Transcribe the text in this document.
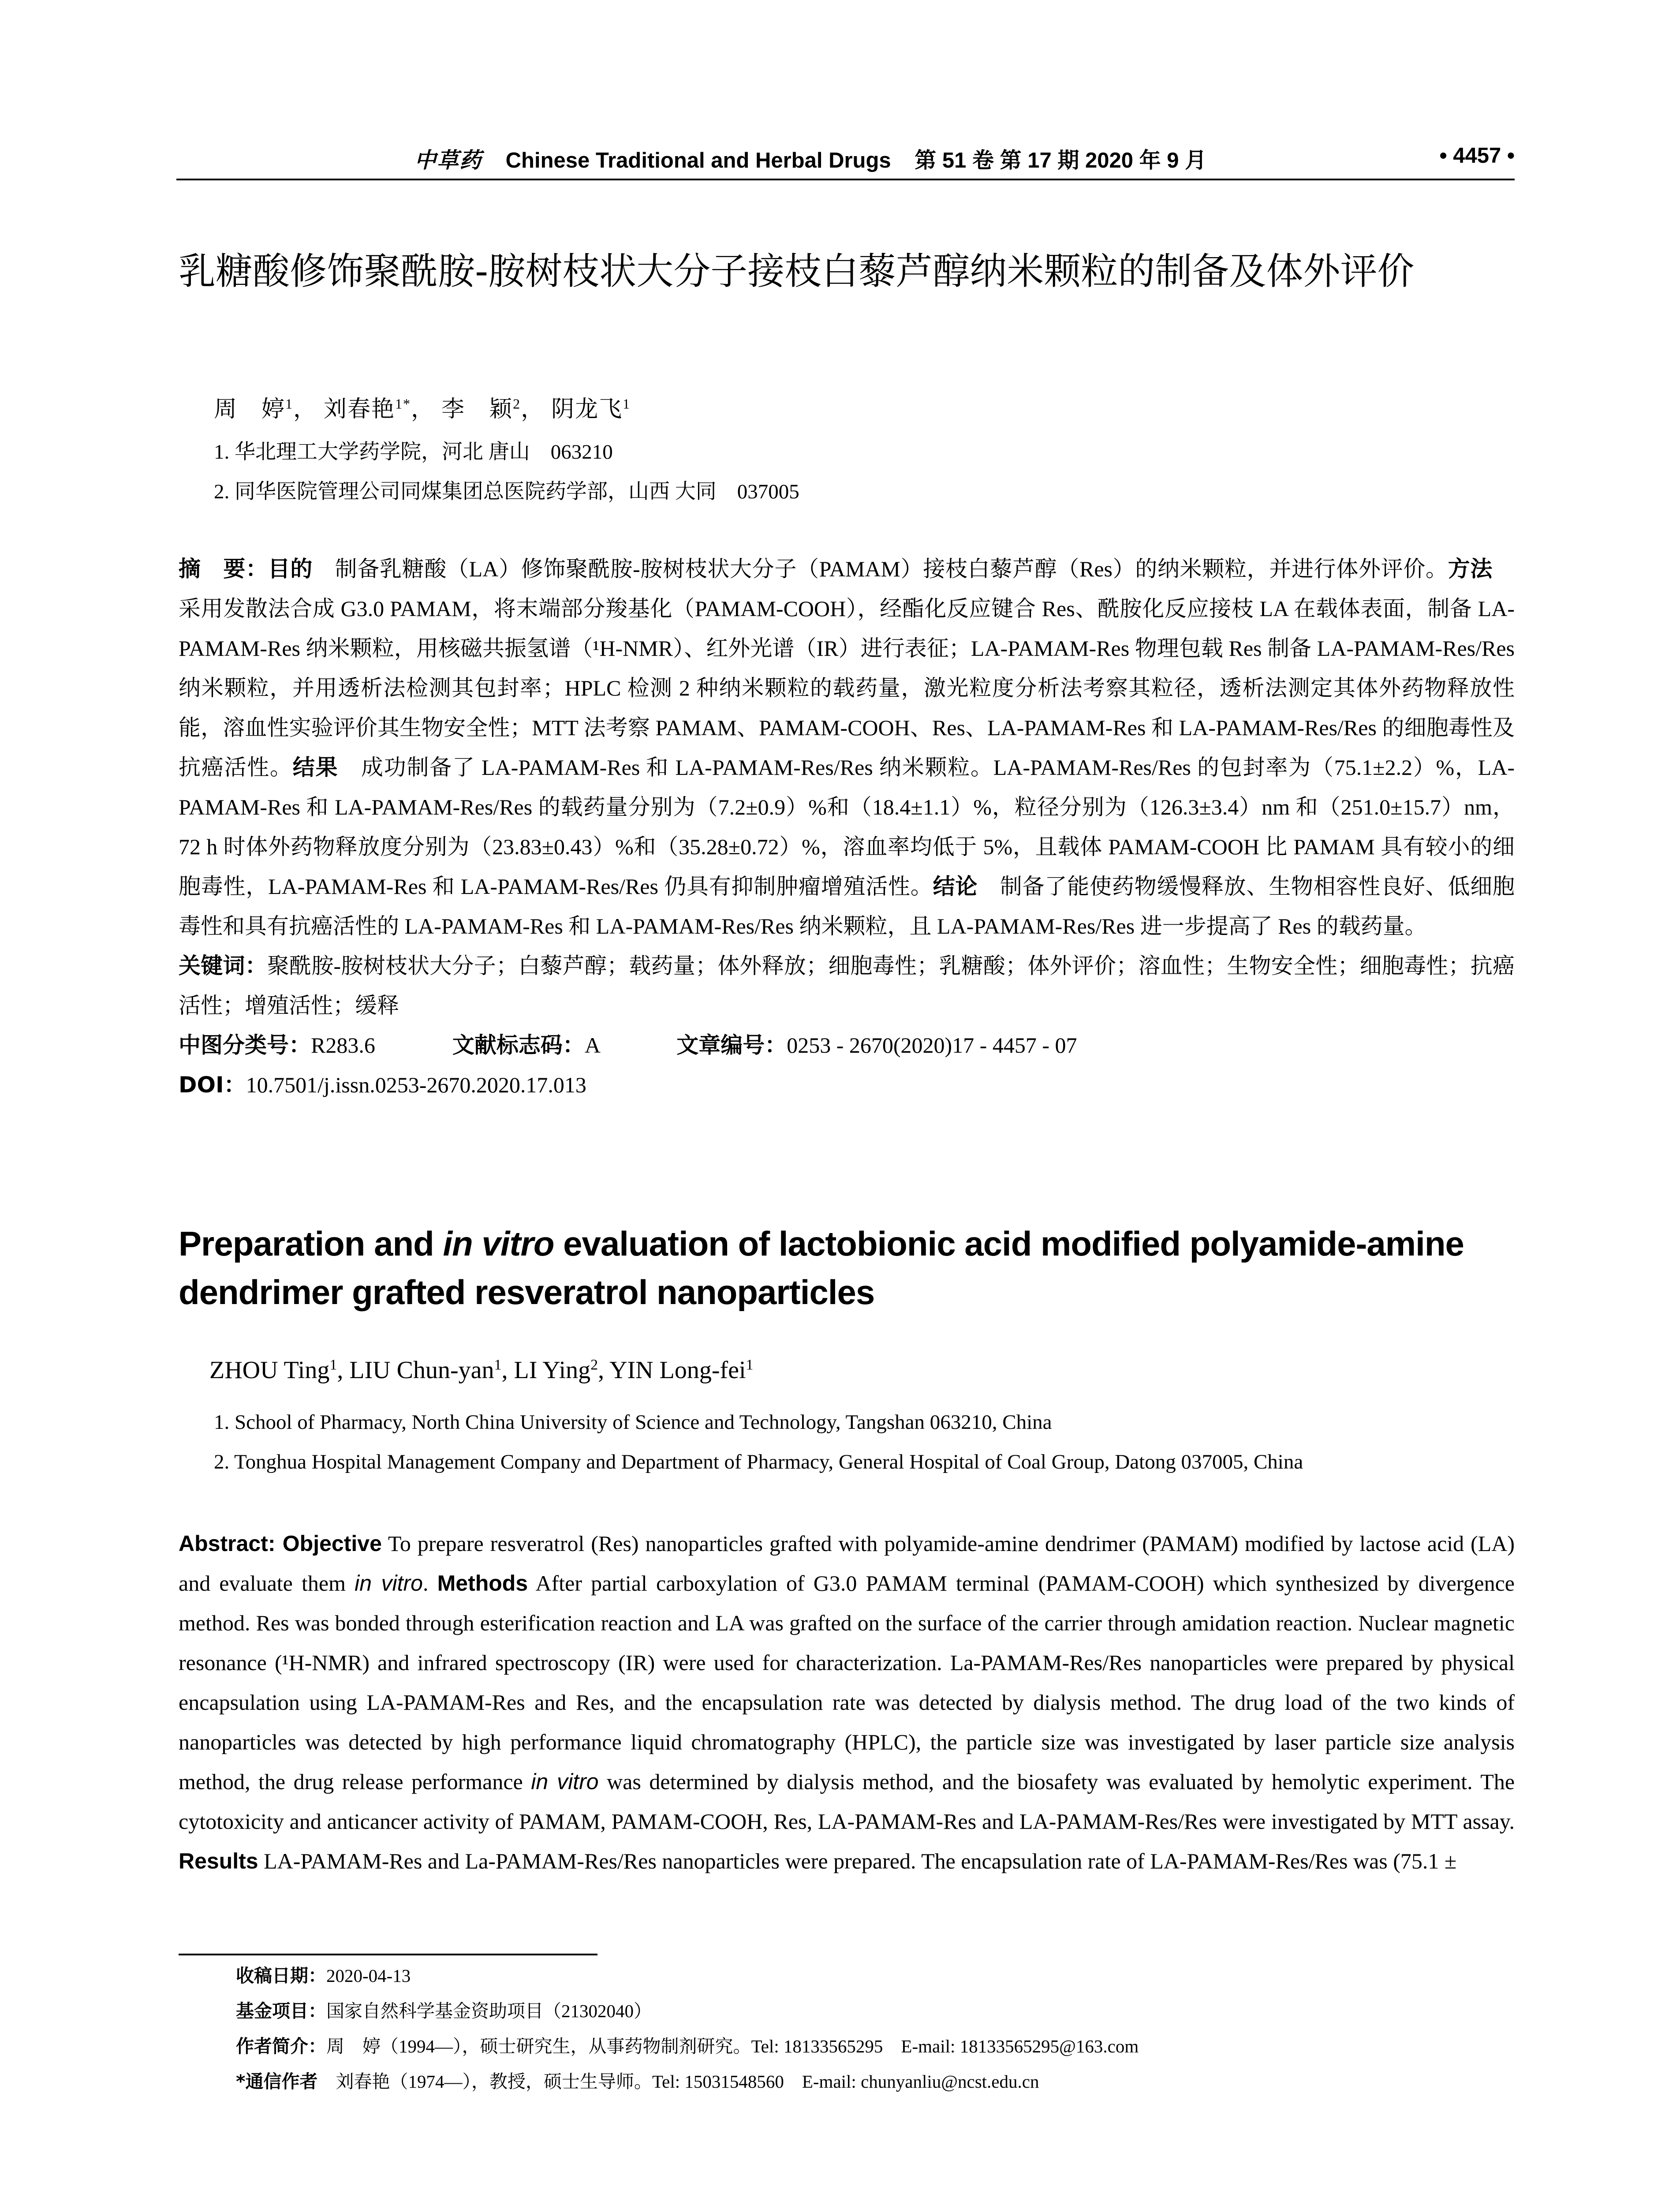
中草药 Chinese Traditional and Herbal Drugs 第 51 卷 第 17 期 2020 年 9 月	• 4457 •
乳糖酸修饰聚酰胺-胺树枝状大分子接枝白藜芦醇纳米颗粒的制备及体外评价
周　婷$^1$， 刘春艳$^{1*}$， 李　颖$^2$， 阴龙飞$^1$
1. 华北理工大学药学院，河北 唐山　063210
2. 同华医院管理公司同煤集团总医院药学部，山西 大同　037005
摘　要：目的　制备乳糖酸（LA）修饰聚酰胺-胺树枝状大分子（PAMAM）接枝白藜芦醇（Res）的纳米颗粒，并进行体外评价。方法　采用发散法合成 G3.0 PAMAM，将末端部分羧基化（PAMAM-COOH），经酯化反应键合 Res、酰胺化反应接枝 LA 在载体表面，制备 LA-PAMAM-Res 纳米颗粒，用核磁共振氢谱（¹H-NMR）、红外光谱（IR）进行表征；LA-PAMAM-Res 物理包载 Res 制备 LA-PAMAM-Res/Res 纳米颗粒，并用透析法检测其包封率；HPLC 检测 2 种纳米颗粒的载药量，激光粒度分析法考察其粒径，透析法测定其体外药物释放性能，溶血性实验评价其生物安全性；MTT 法考察 PAMAM、PAMAM-COOH、Res、LA-PAMAM-Res 和 LA-PAMAM-Res/Res 的细胞毒性及抗癌活性。结果　成功制备了 LA-PAMAM-Res 和 LA-PAMAM-Res/Res 纳米颗粒。LA-PAMAM-Res/Res 的包封率为（75.1±2.2）%，LA-PAMAM-Res 和 LA-PAMAM-Res/Res 的载药量分别为（7.2±0.9）%和（18.4±1.1）%，粒径分别为（126.3±3.4）nm 和（251.0±15.7）nm，72 h 时体外药物释放度分别为（23.83±0.43）%和（35.28±0.72）%，溶血率均低于 5%，且载体 PAMAM-COOH 比 PAMAM 具有较小的细胞毒性，LA-PAMAM-Res 和 LA-PAMAM-Res/Res 仍具有抑制肿瘤增殖活性。结论　制备了能使药物缓慢释放、生物相容性良好、低细胞毒性和具有抗癌活性的 LA-PAMAM-Res 和 LA-PAMAM-Res/Res 纳米颗粒，且 LA-PAMAM-Res/Res 进一步提高了 Res 的载药量。
关键词：聚酰胺-胺树枝状大分子；白藜芦醇；载药量；体外释放；细胞毒性；乳糖酸；体外评价；溶血性；生物安全性；细胞毒性；抗癌活性；增殖活性；缓释
中图分类号：R283.6	文献标志码：A	文章编号：0253 - 2670(2020)17 - 4457 - 07
DOI：10.7501/j.issn.0253-2670.2020.17.013
Preparation and in vitro evaluation of lactobionic acid modified polyamide-amine dendrimer grafted resveratrol nanoparticles
ZHOU Ting$^1$, LIU Chun-yan$^1$, LI Ying$^2$, YIN Long-fei$^1$
1. School of Pharmacy, North China University of Science and Technology, Tangshan 063210, China
2. Tonghua Hospital Management Company and Department of Pharmacy, General Hospital of Coal Group, Datong 037005, China
Abstract: Objective To prepare resveratrol (Res) nanoparticles grafted with polyamide-amine dendrimer (PAMAM) modified by lactose acid (LA) and evaluate them in vitro. Methods After partial carboxylation of G3.0 PAMAM terminal (PAMAM-COOH) which synthesized by divergence method. Res was bonded through esterification reaction and LA was grafted on the surface of the carrier through amidation reaction. Nuclear magnetic resonance (¹H-NMR) and infrared spectroscopy (IR) were used for characterization. La-PAMAM-Res/Res nanoparticles were prepared by physical encapsulation using LA-PAMAM-Res and Res, and the encapsulation rate was detected by dialysis method. The drug load of the two kinds of nanoparticles was detected by high performance liquid chromatography (HPLC), the particle size was investigated by laser particle size analysis method, the drug release performance in vitro was determined by dialysis method, and the biosafety was evaluated by hemolytic experiment. The cytotoxicity and anticancer activity of PAMAM, PAMAM-COOH, Res, LA-PAMAM-Res and LA-PAMAM-Res/Res were investigated by MTT assay. Results LA-PAMAM-Res and La-PAMAM-Res/Res nanoparticles were prepared. The encapsulation rate of LA-PAMAM-Res/Res was (75.1 ±
收稿日期：2020-04-13
基金项目：国家自然科学基金资助项目（21302040）
作者简介：周　婷（1994—），硕士研究生，从事药物制剂研究。Tel: 18133565295　E-mail: 18133565295@163.com
*通信作者　刘春艳（1974—），教授，硕士生导师。Tel: 15031548560　E-mail: chunyanliu@ncst.edu.cn
